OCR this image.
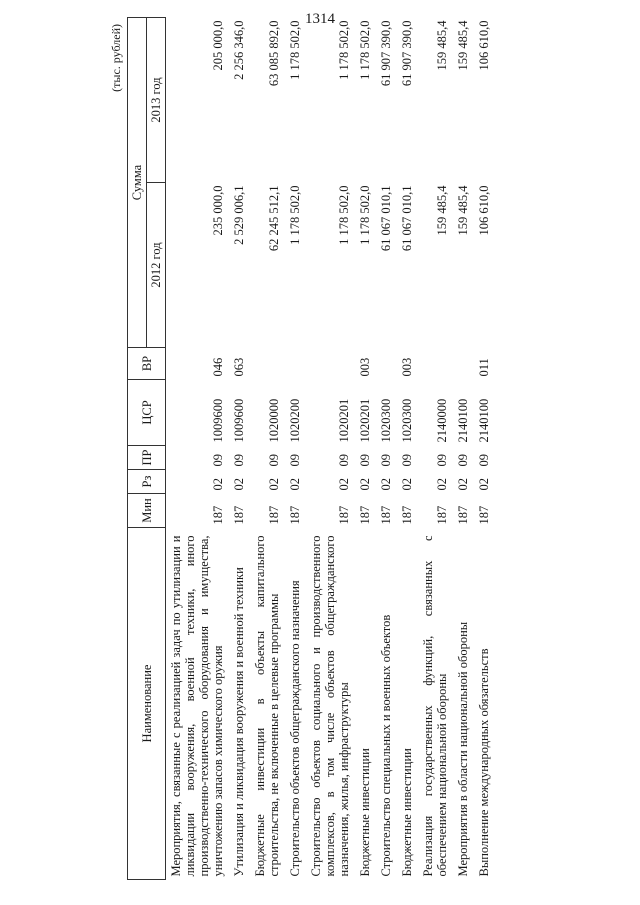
1314
(тыс. рублей)
Наименование	Мин	Рз	ПР	ЦСР	ВР	Сумма	
						2012 год	2013 год
Мероприятия, связанные с реализацией задач по утилизации и ликвидации вооружения, военной техники, иного производственно-технического оборудования и имущества, уничтожению запасов химического оружия	187	02	09	1009600	046	235 000,0	205 000,0
Утилизация и ликвидация вооружения и военной техники	187	02	09	1009600	063	2 529 006,1	2 256 346,0
Бюджетные инвестиции в объекты капитального строительства, не включенные в целевые программы	187	02	09	1020000		62 245 512,1	63 085 892,0
Строительство объектов общегражданского назначения	187	02	09	1020200		1 178 502,0	1 178 502,0
Строительство объектов социального и производственного комплексов, в том числе объектов общегражданского назначения, жилья, инфраструктуры	187	02	09	1020201		1 178 502,0	1 178 502,0
Бюджетные инвестиции	187	02	09	1020201	003	1 178 502,0	1 178 502,0
Строительство специальных и военных объектов	187	02	09	1020300		61 067 010,1	61 907 390,0
Бюджетные инвестиции	187	02	09	1020300	003	61 067 010,1	61 907 390,0
Реализация государственных функций, связанных с обеспечением национальной обороны	187	02	09	2140000		159 485,4	159 485,4
Мероприятия в области национальной обороны	187	02	09	2140100		159 485,4	159 485,4
Выполнение международных обязательств	187	02	09	2140100	011	106 610,0	106 610,0
